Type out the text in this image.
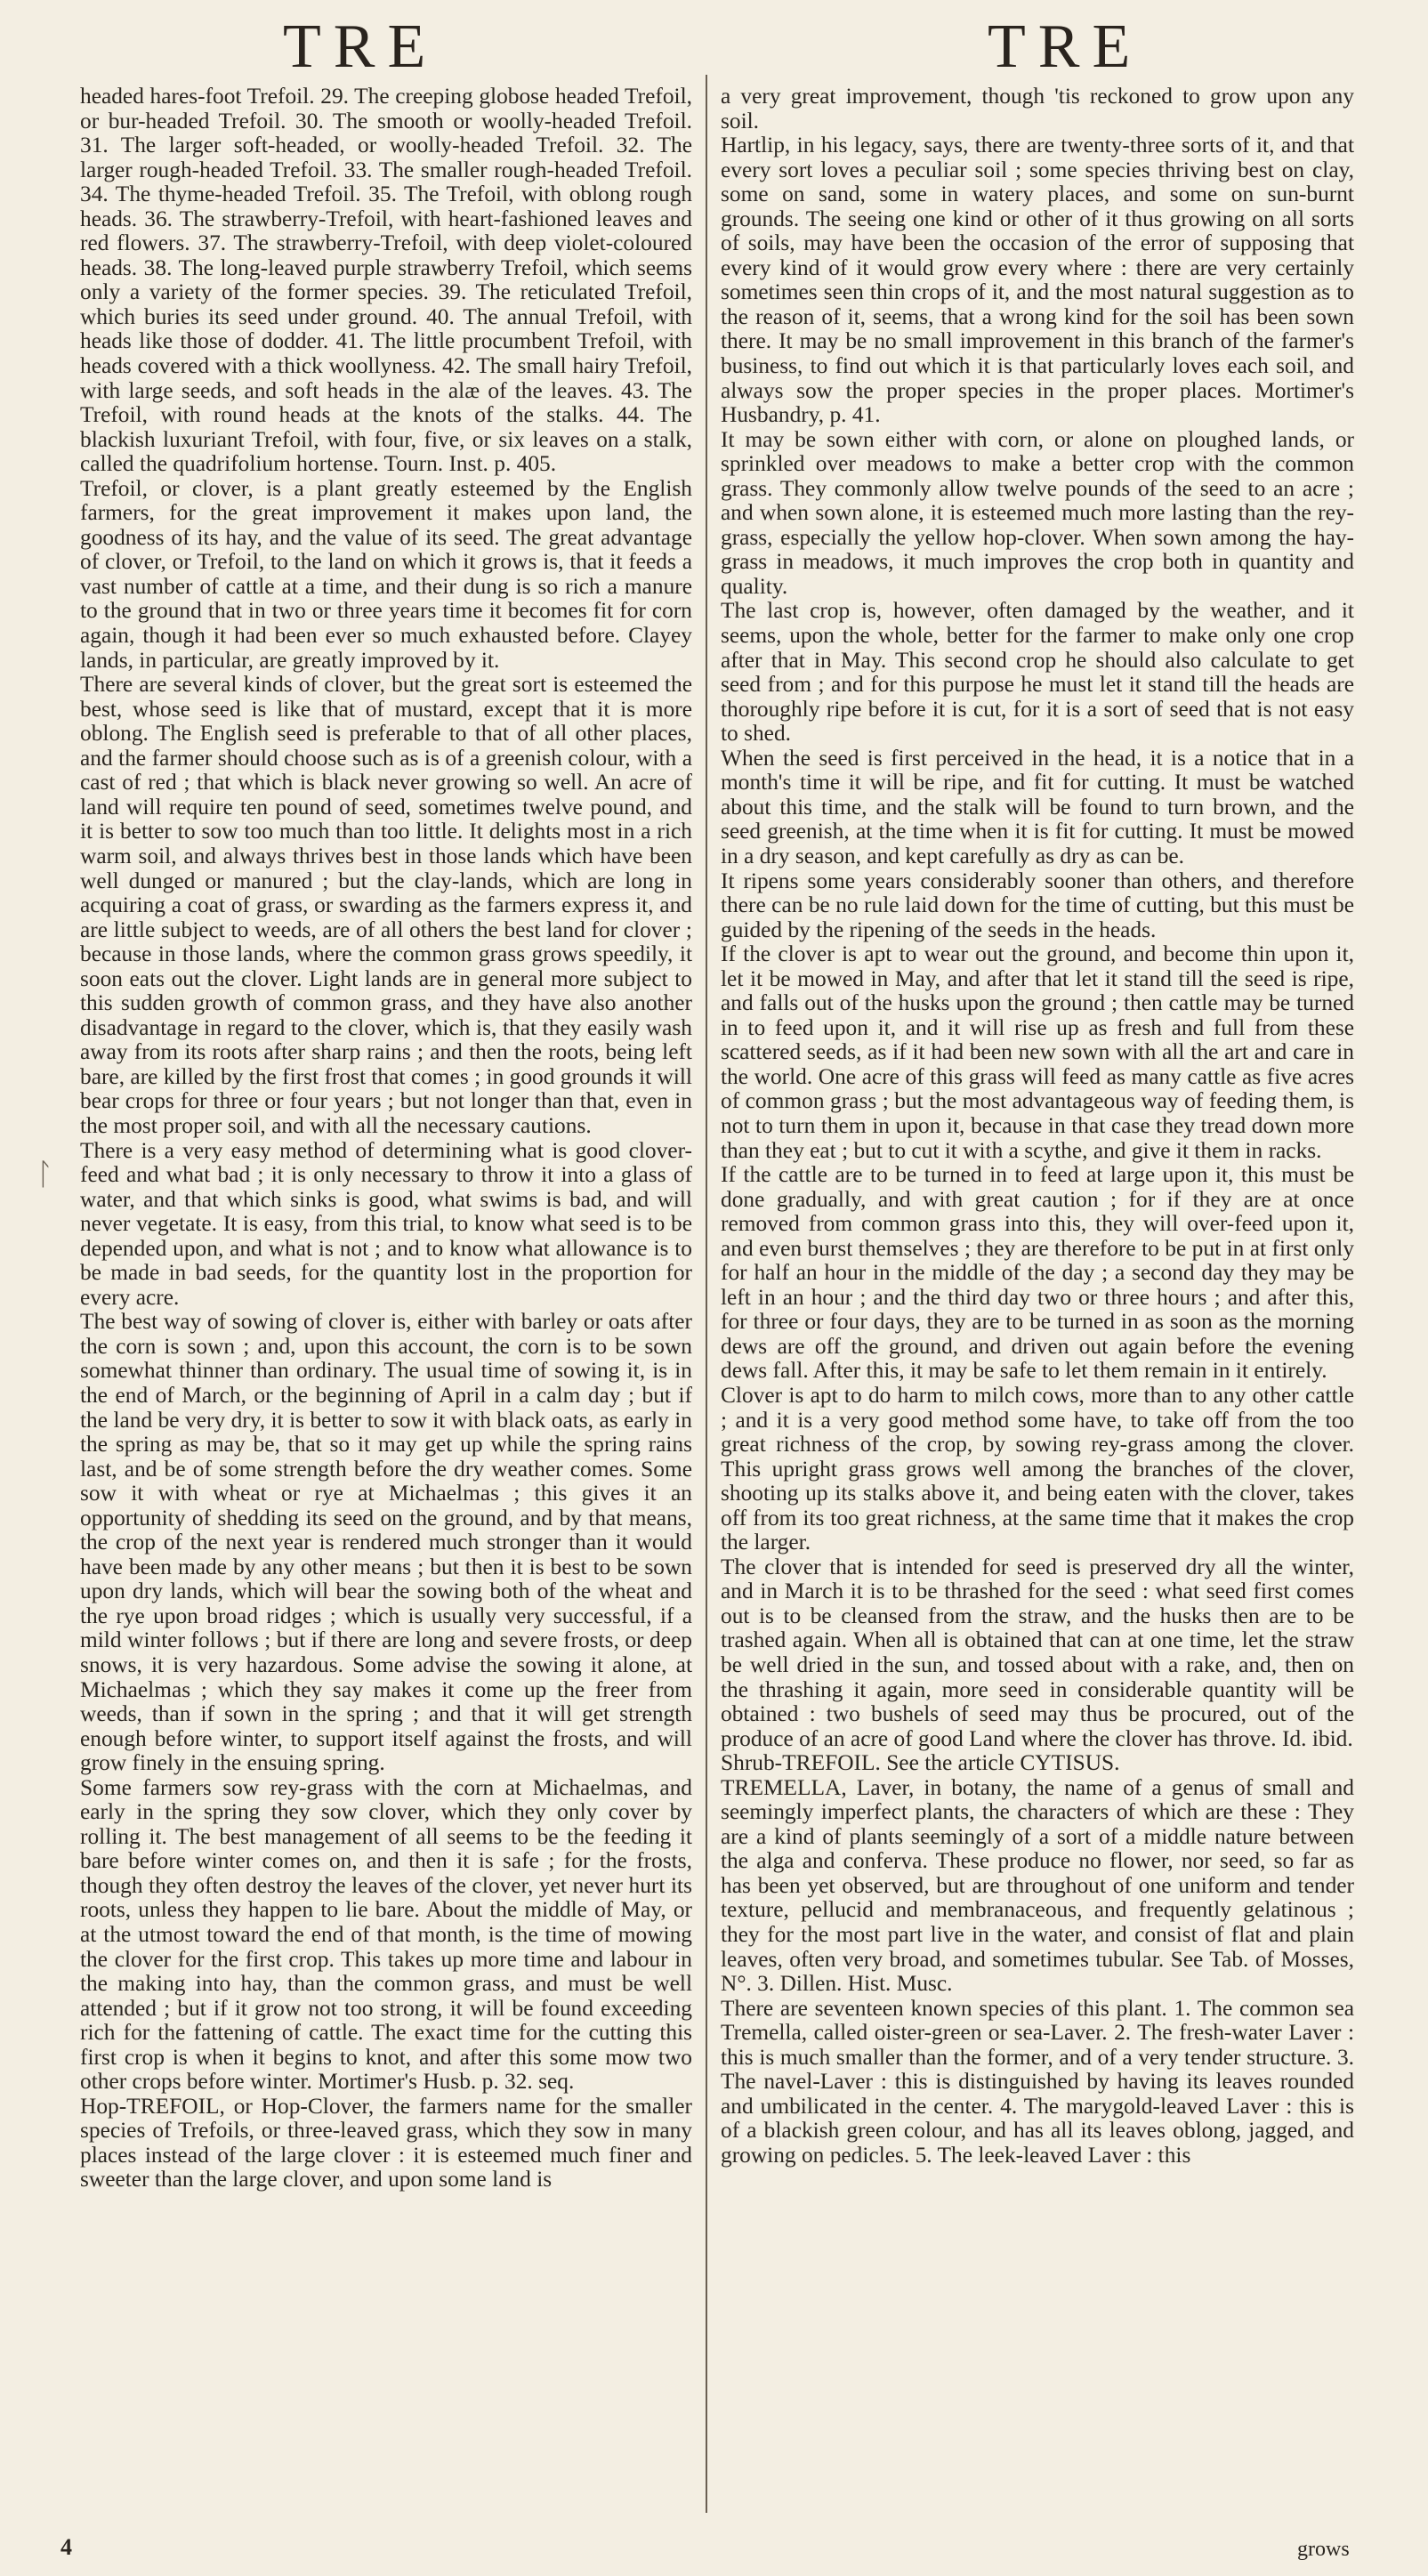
TRE	TRE

headed hares-foot Trefoil. 29. The creeping globose headed Trefoil, or bur-headed Trefoil. 30. The smooth or woolly-headed Trefoil. 31. The larger soft-headed, or woolly-headed Trefoil. 32. The larger rough-headed Trefoil. 33. The smaller rough-headed Trefoil. 34. The thyme-headed Trefoil. 35. The Trefoil, with oblong rough heads. 36. The strawberry-Trefoil, with heart-fashioned leaves and red flowers. 37. The strawberry-Trefoil, with deep violet-coloured heads. 38. The long-leaved purple strawberry Trefoil, which seems only a variety of the former species. 39. The reticulated Trefoil, which buries its seed under ground. 40. The annual Trefoil, with heads like those of dodder. 41. The little procumbent Trefoil, with heads covered with a thick woollyness. 42. The small hairy Trefoil, with large seeds, and soft heads in the alæ of the leaves. 43. The Trefoil, with round heads at the knots of the stalks. 44. The blackish luxuriant Trefoil, with four, five, or six leaves on a stalk, called the quadrifolium hortense. Tourn. Inst. p. 405.

Trefoil, or clover, is a plant greatly esteemed by the English farmers, for the great improvement it makes upon land, the goodness of its hay, and the value of its seed. The great advantage of clover, or Trefoil, to the land on which it grows is, that it feeds a vast number of cattle at a time, and their dung is so rich a manure to the ground that in two or three years time it becomes fit for corn again, though it had been ever so much exhausted before. Clayey lands, in particular, are greatly improved by it.

There are several kinds of clover, but the great sort is esteemed the best, whose seed is like that of mustard, except that it is more oblong. The English seed is preferable to that of all other places, and the farmer should choose such as is of a greenish colour, with a cast of red ; that which is black never growing so well. An acre of land will require ten pound of seed, sometimes twelve pound, and it is better to sow too much than too little. It delights most in a rich warm soil, and always thrives best in those lands which have been well dunged or manured ; but the clay-lands, which are long in acquiring a coat of grass, or swarding as the farmers express it, and are little subject to weeds, are of all others the best land for clover ; because in those lands, where the common grass grows speedily, it soon eats out the clover. Light lands are in general more subject to this sudden growth of common grass, and they have also another disadvantage in regard to the clover, which is, that they easily wash away from its roots after sharp rains ; and then the roots, being left bare, are killed by the first frost that comes ; in good grounds it will bear crops for three or four years ; but not longer than that, even in the most proper soil, and with all the necessary cautions.

There is a very easy method of determining what is good clover-feed and what bad ; it is only necessary to throw it into a glass of water, and that which sinks is good, what swims is bad, and will never vegetate. It is easy, from this trial, to know what seed is to be depended upon, and what is not ; and to know what allowance is to be made in bad seeds, for the quantity lost in the proportion for every acre.

The best way of sowing of clover is, either with barley or oats after the corn is sown ; and, upon this account, the corn is to be sown somewhat thinner than ordinary. The usual time of sowing it, is in the end of March, or the beginning of April in a calm day ; but if the land be very dry, it is better to sow it with black oats, as early in the spring as may be, that so it may get up while the spring rains last, and be of some strength before the dry weather comes. Some sow it with wheat or rye at Michaelmas ; this gives it an opportunity of shedding its seed on the ground, and by that means, the crop of the next year is rendered much stronger than it would have been made by any other means ; but then it is best to be sown upon dry lands, which will bear the sowing both of the wheat and the rye upon broad ridges ; which is usually very successful, if a mild winter follows ; but if there are long and severe frosts, or deep snows, it is very hazardous. Some advise the sowing it alone, at Michaelmas ; which they say makes it come up the freer from weeds, than if sown in the spring ; and that it will get strength enough before winter, to support itself against the frosts, and will grow finely in the ensuing spring.

Some farmers sow rey-grass with the corn at Michaelmas, and early in the spring they sow clover, which they only cover by rolling it. The best management of all seems to be the feeding it bare before winter comes on, and then it is safe ; for the frosts, though they often destroy the leaves of the clover, yet never hurt its roots, unless they happen to lie bare. About the middle of May, or at the utmost toward the end of that month, is the time of mowing the clover for the first crop. This takes up more time and labour in the making into hay, than the common grass, and must be well attended ; but if it grow not too strong, it will be found exceeding rich for the fattening of cattle. The exact time for the cutting this first crop is when it begins to knot, and after this some mow two other crops before winter. Mortimer's Husb. p. 32. seq.

Hop-TREFOIL, or Hop-Clover, the farmers name for the smaller species of Trefoils, or three-leaved grass, which they sow in many places instead of the large clover : it is esteemed much finer and sweeter than the large clover, and upon some land is

a very great improvement, though 'tis reckoned to grow upon any soil.

Hartlip, in his legacy, says, there are twenty-three sorts of it, and that every sort loves a peculiar soil ; some species thriving best on clay, some on sand, some in watery places, and some on sun-burnt grounds. The seeing one kind or other of it thus growing on all sorts of soils, may have been the occasion of the error of supposing that every kind of it would grow every where : there are very certainly sometimes seen thin crops of it, and the most natural suggestion as to the reason of it, seems, that a wrong kind for the soil has been sown there. It may be no small improvement in this branch of the farmer's business, to find out which it is that particularly loves each soil, and always sow the proper species in the proper places. Mortimer's Husbandry, p. 41.

It may be sown either with corn, or alone on ploughed lands, or sprinkled over meadows to make a better crop with the common grass. They commonly allow twelve pounds of the seed to an acre ; and when sown alone, it is esteemed much more lasting than the rey-grass, especially the yellow hop-clover. When sown among the hay-grass in meadows, it much improves the crop both in quantity and quality.

The last crop is, however, often damaged by the weather, and it seems, upon the whole, better for the farmer to make only one crop after that in May. This second crop he should also calculate to get seed from ; and for this purpose he must let it stand till the heads are thoroughly ripe before it is cut, for it is a sort of seed that is not easy to shed.

When the seed is first perceived in the head, it is a notice that in a month's time it will be ripe, and fit for cutting. It must be watched about this time, and the stalk will be found to turn brown, and the seed greenish, at the time when it is fit for cutting. It must be mowed in a dry season, and kept carefully as dry as can be.

It ripens some years considerably sooner than others, and therefore there can be no rule laid down for the time of cutting, but this must be guided by the ripening of the seeds in the heads.

If the clover is apt to wear out the ground, and become thin upon it, let it be mowed in May, and after that let it stand till the seed is ripe, and falls out of the husks upon the ground ; then cattle may be turned in to feed upon it, and it will rise up as fresh and full from these scattered seeds, as if it had been new sown with all the art and care in the world. One acre of this grass will feed as many cattle as five acres of common grass ; but the most advantageous way of feeding them, is not to turn them in upon it, because in that case they tread down more than they eat ; but to cut it with a scythe, and give it them in racks.

If the cattle are to be turned in to feed at large upon it, this must be done gradually, and with great caution ; for if they are at once removed from common grass into this, they will over-feed upon it, and even burst themselves ; they are therefore to be put in at first only for half an hour in the middle of the day ; a second day they may be left in an hour ; and the third day two or three hours ; and after this, for three or four days, they are to be turned in as soon as the morning dews are off the ground, and driven out again before the evening dews fall. After this, it may be safe to let them remain in it entirely.

Clover is apt to do harm to milch cows, more than to any other cattle ; and it is a very good method some have, to take off from the too great richness of the crop, by sowing rey-grass among the clover. This upright grass grows well among the branches of the clover, shooting up its stalks above it, and being eaten with the clover, takes off from its too great richness, at the same time that it makes the crop the larger.

The clover that is intended for seed is preserved dry all the winter, and in March it is to be thrashed for the seed : what seed first comes out is to be cleansed from the straw, and the husks then are to be trashed again. When all is obtained that can at one time, let the straw be well dried in the sun, and tossed about with a rake, and, then on the thrashing it again, more seed in considerable quantity will be obtained : two bushels of seed may thus be procured, out of the produce of an acre of good Land where the clover has throve. Id. ibid.

Shrub-TREFOIL. See the article CYTISUS.

TREMELLA, Laver, in botany, the name of a genus of small and seemingly imperfect plants, the characters of which are these : They are a kind of plants seemingly of a sort of a middle nature between the alga and conferva. These produce no flower, nor seed, so far as has been yet observed, but are throughout of one uniform and tender texture, pellucid and membranaceous, and frequently gelatinous ; they for the most part live in the water, and consist of flat and plain leaves, often very broad, and sometimes tubular. See Tab. of Mosses, N°. 3. Dillen. Hist. Musc.

There are seventeen known species of this plant. 1. The common sea Tremella, called oister-green or sea-Laver. 2. The fresh-water Laver : this is much smaller than the former, and of a very tender structure. 3. The navel-Laver : this is distinguished by having its leaves rounded and umbilicated in the center. 4. The marygold-leaved Laver : this is of a blackish green colour, and has all its leaves oblong, jagged, and growing on pedicles. 5. The leek-leaved Laver : this

ᛚ
4	grows
